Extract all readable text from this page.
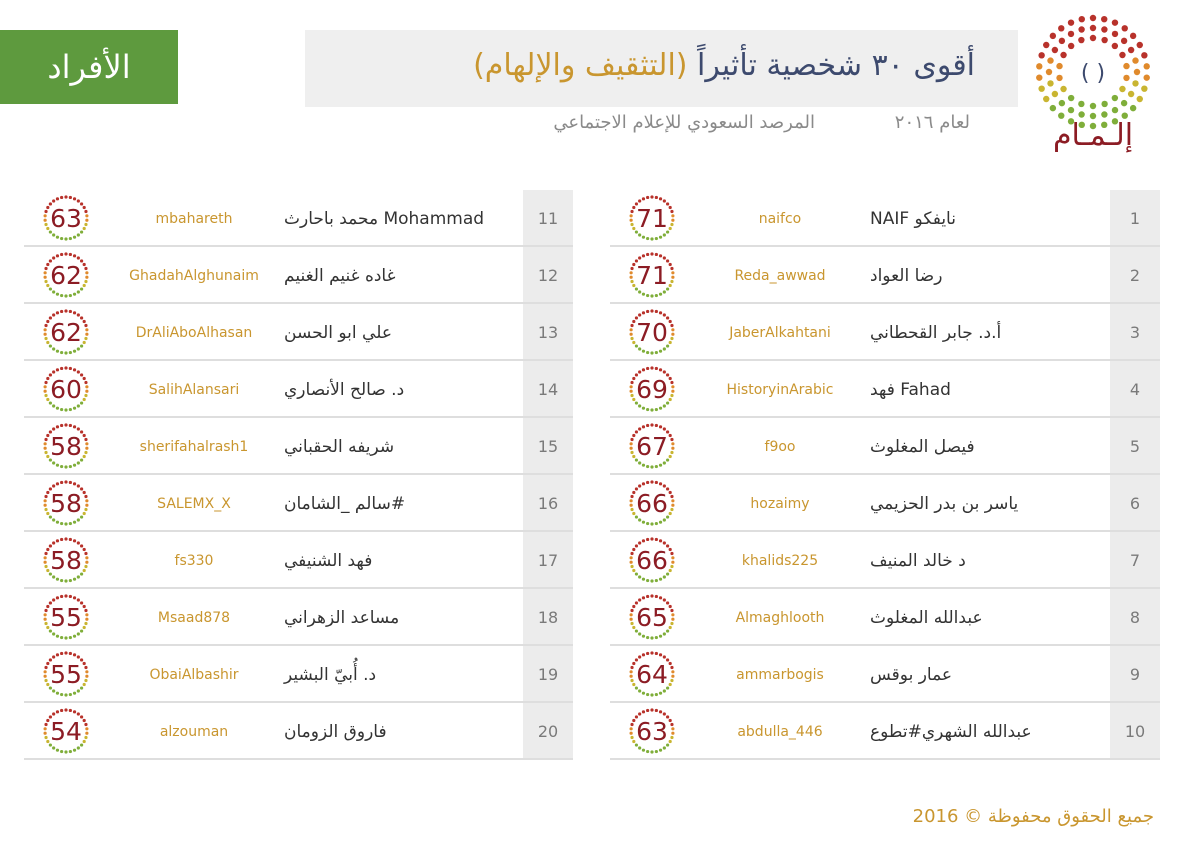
الأفراد	أقوى ٣٠ شخصية تأثيراً (التثقيف والإلهام)
لعام ٢٠١٦
المرصد السعودي للإعلام الاجتماعي
( )
إلـمـام
11
Mohammad محمد باحارث
mbahareth
63
12
غاده غنيم الغنيم
GhadahAlghunaim
62
13
علي ابو الحسن
DrAliAboAlhasan
62
14
د. صالح الأنصاري
SalihAlansari
60
15
شريفه الحقباني
sherifahalrash1
58
16
#سالم _الشامان
SALEMX_X
58
17
فهد الشنيفي
fs330
58
18
مساعد الزهراني
Msaad878
55
19
د. أُبيّ البشير
ObaiAlbashir
55
20
فاروق الزومان
alzouman
54
1
نايفكو NAIF
naifco
71
2
رضا العواد
Reda_awwad
71
3
أ.د. جابر القحطاني
JaberAlkahtani
70
4
Fahad فهد
HistoryinArabic
69
5
فيصل المغلوث
f9oo
67
6
ياسر بن بدر الحزيمي
hozaimy
66
7
د خالد المنيف
khalids225
66
8
عبدالله المغلوث
Almaghlooth
65
9
عمار بوقس
ammarbogis
64
10
عبدالله الشهري#تطوع
abdulla_446
63
جميع الحقوق محفوظة © 2016
